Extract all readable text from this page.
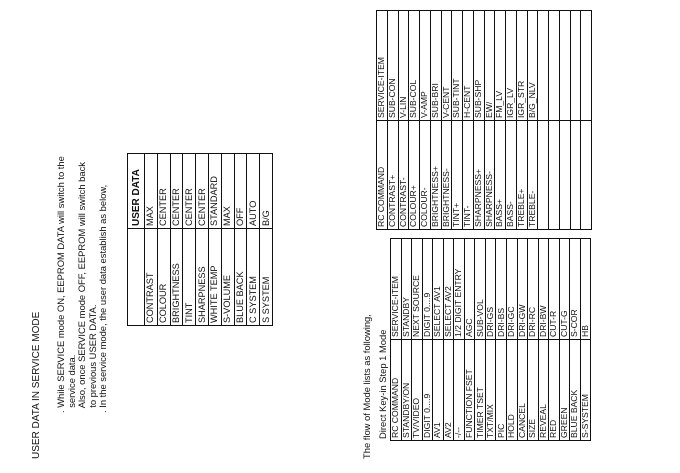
USER DATA IN SERVICE MODE . While SERVICE mode ON, EEPROM DATA will switch to the service data. Also, once SERVICE mode OFF, EEPROM will switch back to previous USER DATA. . In the service mode, the user data establish as below,
	USER DATA
CONTRAST	MAX
COLOUR	CENTER
BRIGHTNESS	CENTER
TINT	CENTER
SHARPNESS	CENTER
WHITE TEMP	STANDARD
S-VOLUME	MAX
BLUE BACK	OFF
C SYSTEM	AUTO
S SYSTEM	B/G
The flow of Mode lists as following, Direct Key-in Step 1 Mode RC COMMAND	SERVICE-ITEM
STANDBY/ON	STANDBY
TV/VIDEO	NEXT SOURCE
DIGIT 0....9	DIGIT 0....9
AV1	SELECT AV1
AV2	SELECT AV2
-/--	1/2 DIGIT ENTRY
FUNCTION FSET	AGC
TIMER TSET	SUB-VOL
TXT/MIX	DRI-GS
PIC	DRI-BS
HOLD	DRI-GC
CANCEL	DRI-GW
SIZE	DRI-RC
REVEAL	DRI-BW
RED	CUT-R
GREEN	CUT-G
BLUE BACK	S-COR
S-SYSTEM	HB
RC COMMAND	SERVICE-ITEM
CONTRAST+	SUB-CON
CONTRAST-	V-LIN
COLOUR+	SUB-COL
COLOUR-	V-AMP
BRIGHTNESS+	SUB-BRI
BRIGHTNESS-	V-CENT
TINT+	SUB-TINT
TINT-	H-CENT
SHARPNESS+	SUB-SHP
SHARPNESS-	EW/
BASS+	FM_LV
BASS-	IGR_LV
TREBLE+	IGR_STR
TREBLE-	B/G_NLV
